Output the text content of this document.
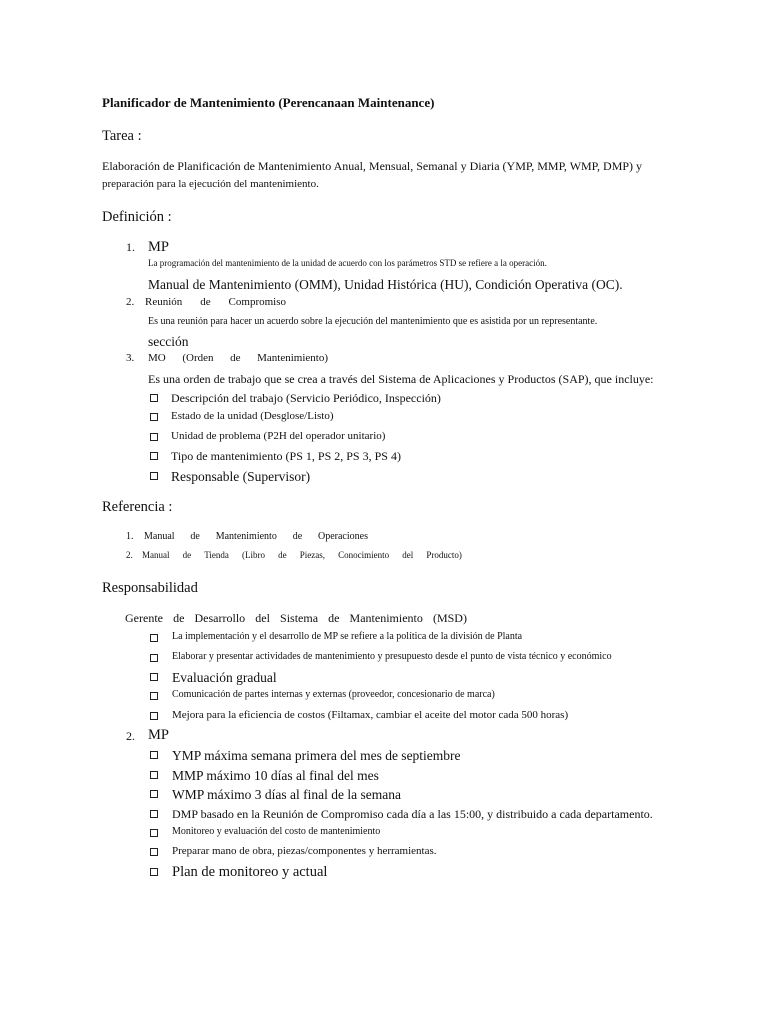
Planificador de Mantenimiento (Perencanaan Maintenance)
Tarea :
Elaboración de Planificación de Mantenimiento Anual, Mensual, Semanal y Diaria (YMP, MMP, WMP, DMP) y
preparación para la ejecución del mantenimiento.
Definición :
1. MP
La programación del mantenimiento de la unidad de acuerdo con los parámetros STD se refiere a la operación.
Manual de Mantenimiento (OMM), Unidad Histórica (HU), Condición Operativa (OC).
2. Reunión de Compromiso
Es una reunión para hacer un acuerdo sobre la ejecución del mantenimiento que es asistida por un representante.
sección
3. MO (Orden de Mantenimiento)
Es una orden de trabajo que se crea a través del Sistema de Aplicaciones y Productos (SAP), que incluye:
Descripción del trabajo (Servicio Periódico, Inspección)
Estado de la unidad (Desglose/Listo)
Unidad de problema (P2H del operador unitario)
Tipo de mantenimiento (PS 1, PS 2, PS 3, PS 4)
Responsable (Supervisor)
Referencia :
1. Manual de Mantenimiento de Operaciones
2. Manual de Tienda (Libro de Piezas, Conocimiento del Producto)
Responsabilidad
Gerente de Desarrollo del Sistema de Mantenimiento (MSD)
La implementación y el desarrollo de MP se refiere a la política de la división de Planta
Elaborar y presentar actividades de mantenimiento y presupuesto desde el punto de vista técnico y económico
Evaluación gradual
Comunicación de partes internas y externas (proveedor, concesionario de marca)
Mejora para la eficiencia de costos (Filtamax, cambiar el aceite del motor cada 500 horas)
2. MP
YMP máxima semana primera del mes de septiembre
MMP máximo 10 días al final del mes
WMP máximo 3 días al final de la semana
DMP basado en la Reunión de Compromiso cada día a las 15:00, y distribuido a cada departamento.
Monitoreo y evaluación del costo de mantenimiento
Preparar mano de obra, piezas/componentes y herramientas.
Plan de monitoreo y actual
